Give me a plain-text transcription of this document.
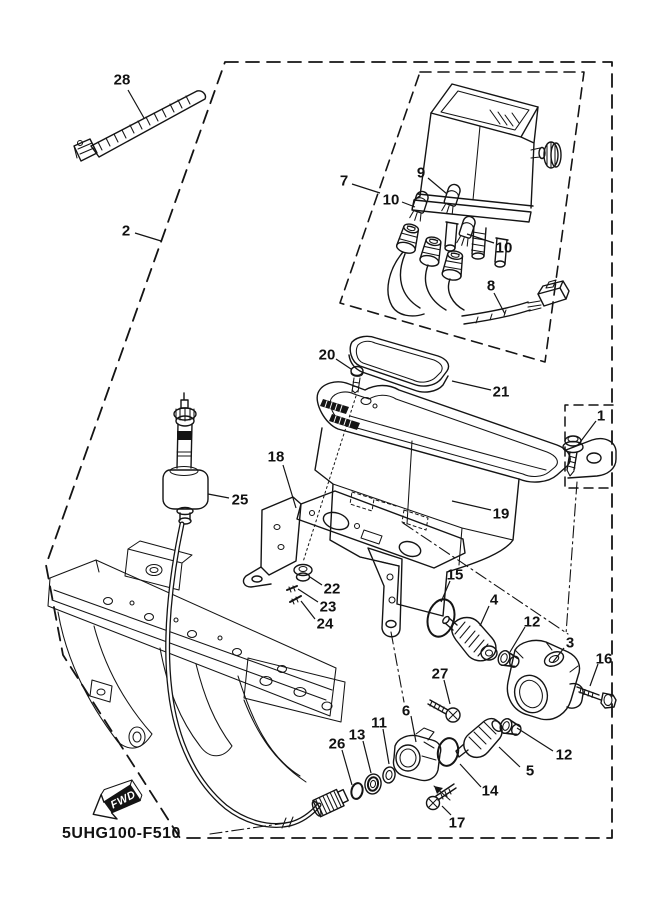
FWD
5UHG100-F510
28
2
7	9
10
10
8
20
21
1
18
19
25
22
23
24
15
4
12
3
16
27
6
12
5
14
11
13
26
17
